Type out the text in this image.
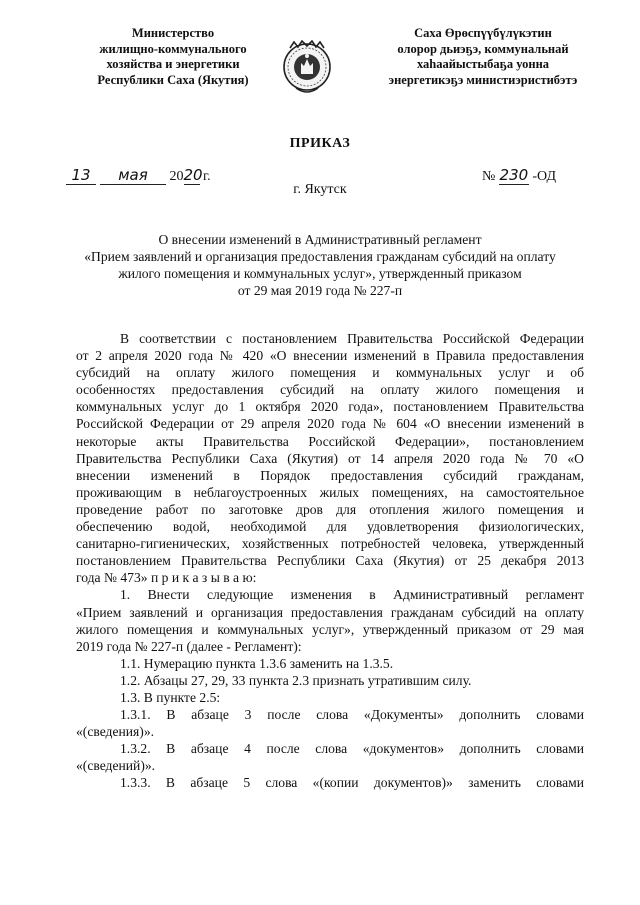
Министерство
жилищно-коммунального
хозяйства и энергетики
Республики Саха (Якутия)
Саха Өрөспүүбүлүкэтин
олорор дьиэҕэ, коммунальнай
хаhаайыстыбаҕа уонна
энергетикэҕэ министиэристибэтэ
ПРИКАЗ
13 мая 2020 г.	№ 230 -ОД
г. Якутск
О внесении изменений в Административный регламент
«Прием заявлений и организация предоставления гражданам субсидий на оплату
жилого помещения и коммунальных услуг», утвержденный приказом
от 29 мая 2019 года № 227-п
В соответствии с постановлением Правительства Российской Федерации
от 2 апреля 2020 года № 420 «О внесении изменений в Правила предоставления
субсидий на оплату жилого помещения и коммунальных услуг и об
особенностях предоставления субсидий на оплату жилого помещения и
коммунальных услуг до 1 октября 2020 года», постановлением Правительства
Российской Федерации от 29 апреля 2020 года № 604 «О внесении изменений в
некоторые акты Правительства Российской Федерации», постановлением
Правительства Республики Саха (Якутия) от 14 апреля 2020 года № 70 «О
внесении изменений в Порядок предоставления субсидий гражданам,
проживающим в неблагоустроенных жилых помещениях, на самостоятельное
проведение работ по заготовке дров для отопления жилого помещения и
обеспечению водой, необходимой для удовлетворения физиологических,
санитарно-гигиенических, хозяйственных потребностей человека, утвержденный
постановлением Правительства Республики Саха (Якутия) от 25 декабря 2013
года № 473» п р и к а з ы в а ю:
1. Внести следующие изменения в Административный регламент
«Прием заявлений и организация предоставления гражданам субсидий на оплату
жилого помещения и коммунальных услуг», утвержденный приказом от 29 мая
2019 года № 227-п (далее - Регламент):
1.1. Нумерацию пункта 1.3.6 заменить на 1.3.5.
1.2. Абзацы 27, 29, 33 пункта 2.3 признать утратившим силу.
1.3. В пункте 2.5:
1.3.1. В абзаце 3 после слова «Документы» дополнить словами
«(сведения)».
1.3.2. В абзаце 4 после слова «документов» дополнить словами
«(сведений)».
1.3.3. В абзаце 5 слова «(копии документов)» заменить словами
